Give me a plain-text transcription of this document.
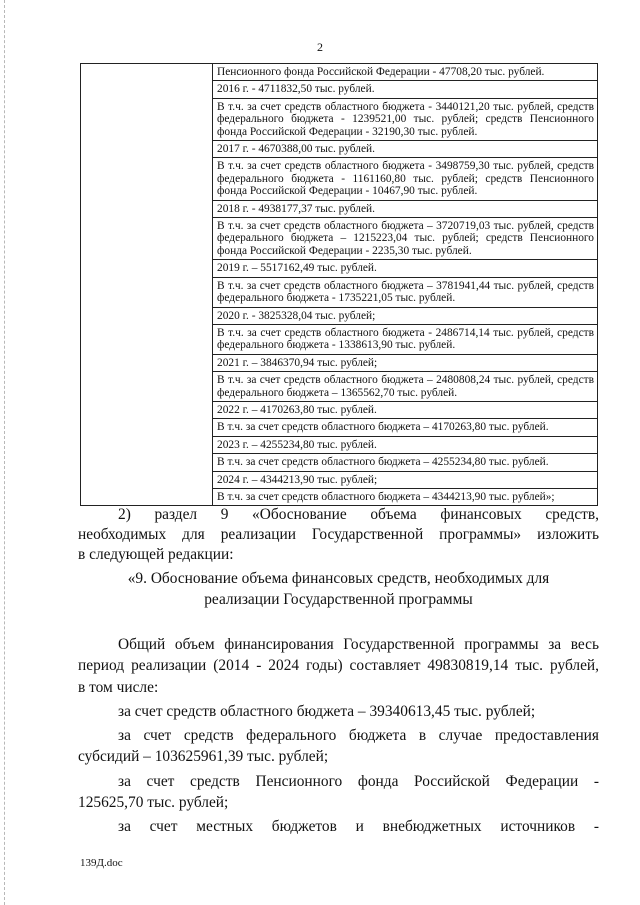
2

Пенсионного фонда Российской Федерации - 47708,20 тыс. рублей.
2016 г. - 4711832,50 тыс. рублей.
В т.ч. за счет средств областного бюджета - 3440121,20 тыс. рублей, средств федерального бюджета - 1239521,00 тыс. рублей; средств Пенсионного фонда Российской Федерации - 32190,30 тыс. рублей.
2017 г. - 4670388,00 тыс. рублей.
В т.ч. за счет средств областного бюджета - 3498759,30 тыс. рублей, средств федерального бюджета - 1161160,80 тыс. рублей; средств Пенсионного фонда Российской Федерации - 10467,90 тыс. рублей.
2018 г. - 4938177,37 тыс. рублей.
В т.ч. за счет средств областного бюджета – 3720719,03 тыс. рублей, средств федерального бюджета – 1215223,04 тыс. рублей; средств Пенсионного фонда Российской Федерации - 2235,30 тыс. рублей.
2019 г. – 5517162,49 тыс. рублей.
В т.ч. за счет средств областного бюджета – 3781941,44 тыс. рублей, средств федерального бюджета - 1735221,05 тыс. рублей.
2020 г. - 3825328,04 тыс. рублей;
В т.ч. за счет средств областного бюджета - 2486714,14 тыс. рублей, средств федерального бюджета - 1338613,90 тыс. рублей.
2021 г. – 3846370,94 тыс. рублей;
В т.ч. за счет средств областного бюджета – 2480808,24 тыс. рублей, средств федерального бюджета – 1365562,70 тыс. рублей.
2022 г. – 4170263,80 тыс. рублей.
В т.ч. за счет средств областного бюджета – 4170263,80 тыс. рублей.
2023 г. – 4255234,80 тыс. рублей.
В т.ч. за счет средств областного бюджета – 4255234,80 тыс. рублей.
2024 г. – 4344213,90 тыс. рублей;
В т.ч. за счет средств областного бюджета – 4344213,90 тыс. рублей»;
2) раздел 9 «Обоснование объема финансовых средств,
необходимых для реализации Государственной программы» изложить
в следующей редакции:
«9. Обоснование объема финансовых средств, необходимых для
реализации Государственной программы
Общий объем финансирования Государственной программы за весь
период реализации (2014 - 2024 годы) составляет 49830819,14 тыс. рублей,
в том числе:
за счет средств областного бюджета – 39340613,45 тыс. рублей;
за счет средств федерального бюджета в случае предоставления
субсидий – 103625961,39 тыс. рублей;
за счет средств Пенсионного фонда Российской Федерации -
125625,70 тыс. рублей;
за счет местных бюджетов и внебюджетных источников -
139Д.doc
